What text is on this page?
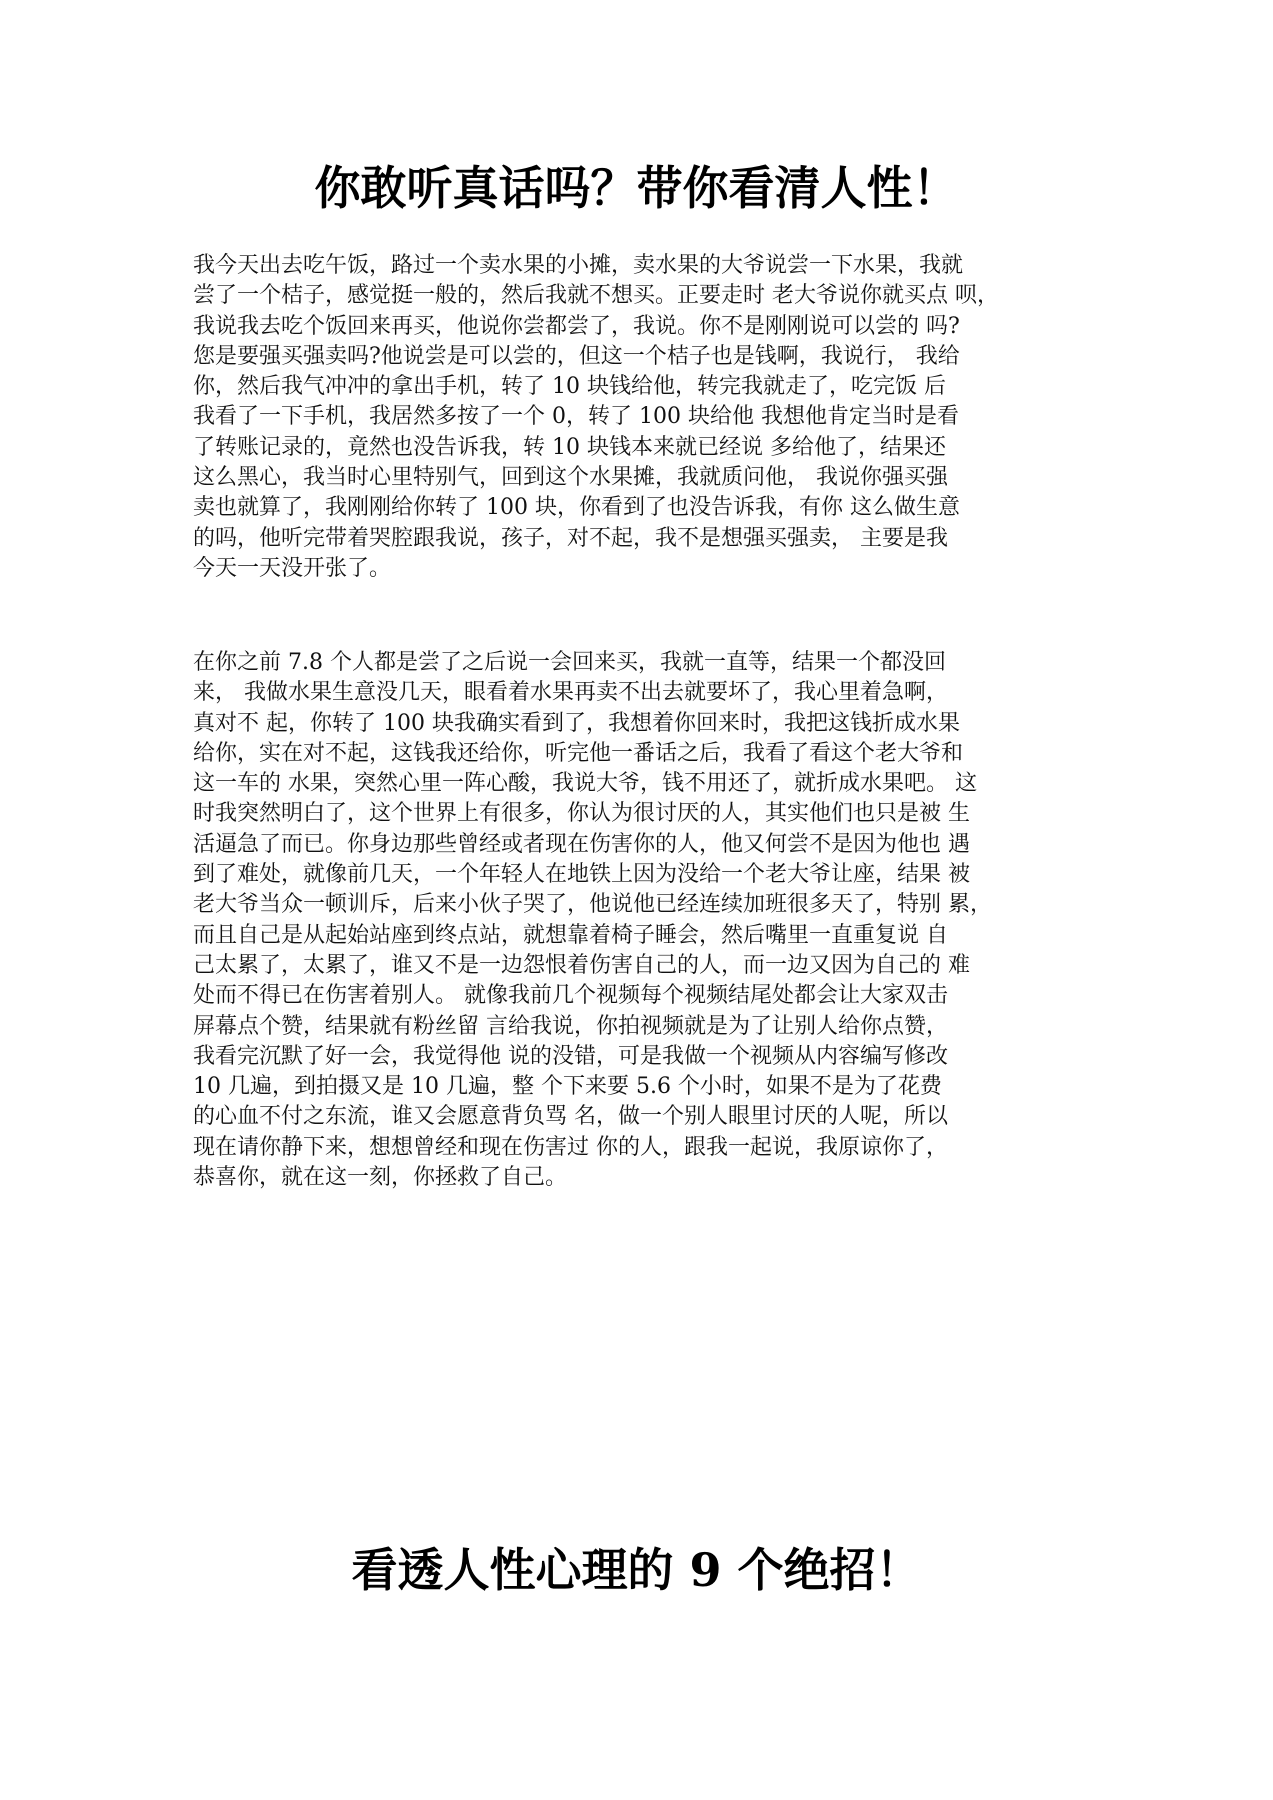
你敢听真话吗？带你看清人性！
我今天出去吃午饭，路过一个卖水果的小摊，卖水果的大爷说尝一下水果，我就
尝了一个桔子，感觉挺一般的，然后我就不想买。正要走时 老大爷说你就买点 呗，
我说我去吃个饭回来再买，他说你尝都尝了，我说。你不是刚刚说可以尝的 吗?
您是要强买强卖吗?他说尝是可以尝的，但这一个桔子也是钱啊，我说行， 我给
你，然后我气冲冲的拿出手机，转了 10 块钱给他，转完我就走了，吃完饭 后
我看了一下手机，我居然多按了一个 0，转了 100 块给他 我想他肯定当时是看
了转账记录的，竟然也没告诉我，转 10 块钱本来就已经说 多给他了，结果还
这么黑心，我当时心里特别气，回到这个水果摊，我就质问他， 我说你强买强
卖也就算了，我刚刚给你转了 100 块，你看到了也没告诉我，有你 这么做生意
的吗，他听完带着哭腔跟我说，孩子，对不起，我不是想强买强卖， 主要是我
今天一天没开张了。
在你之前 7.8 个人都是尝了之后说一会回来买，我就一直等，结果一个都没回
来， 我做水果生意没几天，眼看着水果再卖不出去就要坏了，我心里着急啊，
真对不 起，你转了 100 块我确实看到了，我想着你回来时，我把这钱折成水果
给你，实在对不起，这钱我还给你，听完他一番话之后，我看了看这个老大爷和
这一车的 水果，突然心里一阵心酸，我说大爷，钱不用还了，就折成水果吧。 这
时我突然明白了，这个世界上有很多，你认为很讨厌的人，其实他们也只是被 生
活逼急了而已。你身边那些曾经或者现在伤害你的人，他又何尝不是因为他也 遇
到了难处，就像前几天，一个年轻人在地铁上因为没给一个老大爷让座，结果 被
老大爷当众一顿训斥，后来小伙子哭了，他说他已经连续加班很多天了，特别 累，
而且自己是从起始站座到终点站，就想靠着椅子睡会，然后嘴里一直重复说 自
己太累了，太累了，谁又不是一边怨恨着伤害自己的人，而一边又因为自己的 难
处而不得已在伤害着别人。 就像我前几个视频每个视频结尾处都会让大家双击
屏幕点个赞，结果就有粉丝留 言给我说，你拍视频就是为了让别人给你点赞，
我看完沉默了好一会，我觉得他 说的没错，可是我做一个视频从内容编写修改
10 几遍，到拍摄又是 10 几遍，整 个下来要 5.6 个小时，如果不是为了花费
的心血不付之东流，谁又会愿意背负骂 名，做一个别人眼里讨厌的人呢，所以
现在请你静下来，想想曾经和现在伤害过 你的人，跟我一起说，我原谅你了，
恭喜你，就在这一刻，你拯救了自己。
看透人性心理的 9 个绝招！
